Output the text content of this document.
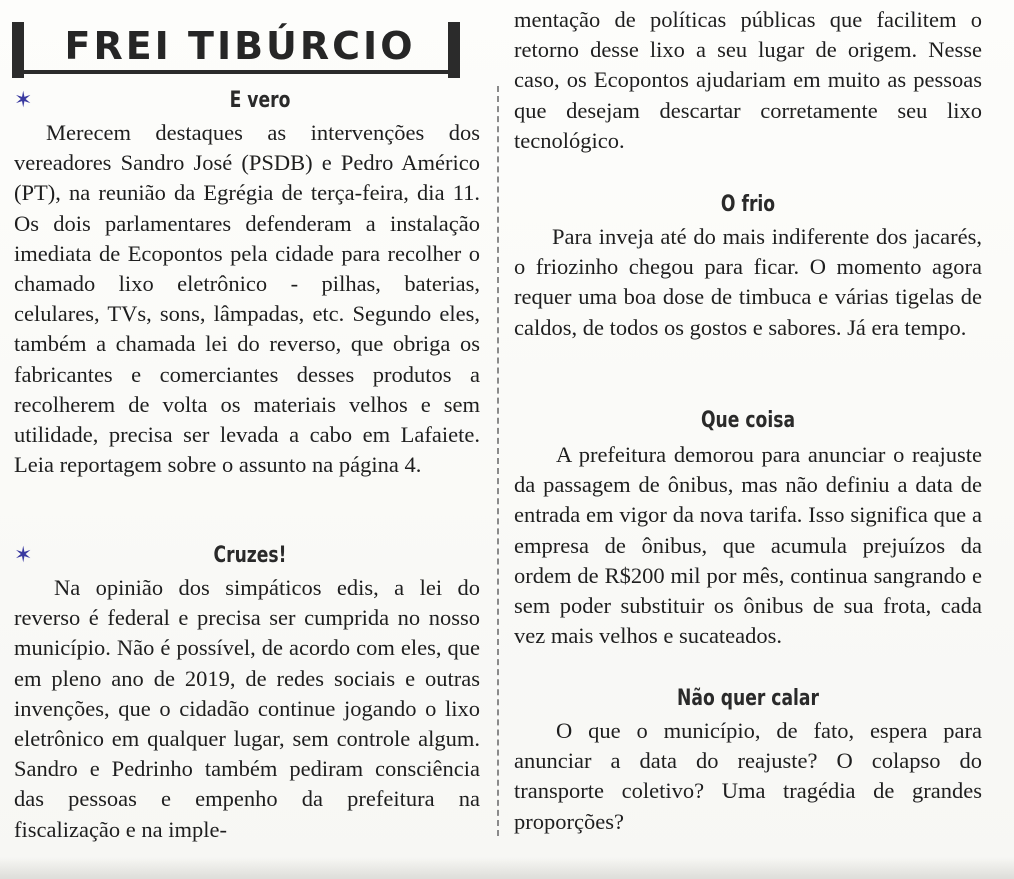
FREI TIBÚRCIO
✶	E vero
Merecem destaques as intervenções dos vereadores Sandro José (PSDB) e Pedro Américo (PT), na reunião da Egrégia de terça-feira, dia 11. Os dois parlamentares defenderam a instalação imediata de Ecopontos pela cidade para recolher o chamado lixo eletrônico - pilhas, baterias, celulares, TVs, sons, lâmpadas, etc. Segundo eles, também a chamada lei do reverso, que obriga os fabricantes e comerciantes desses produtos a recolherem de volta os materiais velhos e sem utilidade, precisa ser levada a cabo em Lafaiete. Leia reportagem sobre o assunto na página 4.
✶	Cruzes!
Na opinião dos simpáticos edis, a lei do reverso é federal e precisa ser cumprida no nosso município. Não é possível, de acordo com eles, que em pleno ano de 2019, de redes sociais e outras invenções, que o cidadão continue jogando o lixo eletrônico em qualquer lugar, sem controle algum. Sandro e Pedrinho também pediram consciência das pessoas e empenho da prefeitura na fiscalização e na imple-
mentação de políticas públicas que facilitem o retorno desse lixo a seu lugar de origem. Nesse caso, os Ecopontos ajudariam em muito as pessoas que desejam descartar corretamente seu lixo tecnológico.
O frio
Para inveja até do mais indiferente dos jacarés, o friozinho chegou para ficar. O momento agora requer uma boa dose de timbuca e várias tigelas de caldos, de todos os gostos e sabores. Já era tempo.
Que coisa
A prefeitura demorou para anunciar o reajuste da passagem de ônibus, mas não definiu a data de entrada em vigor da nova tarifa. Isso significa que a empresa de ônibus, que acumula prejuízos da ordem de R$200 mil por mês, continua sangrando e sem poder substituir os ônibus de sua frota, cada vez mais velhos e sucateados.
Não quer calar
O que o município, de fato, espera para anunciar a data do reajuste? O colapso do transporte coletivo? Uma tragédia de grandes proporções?
